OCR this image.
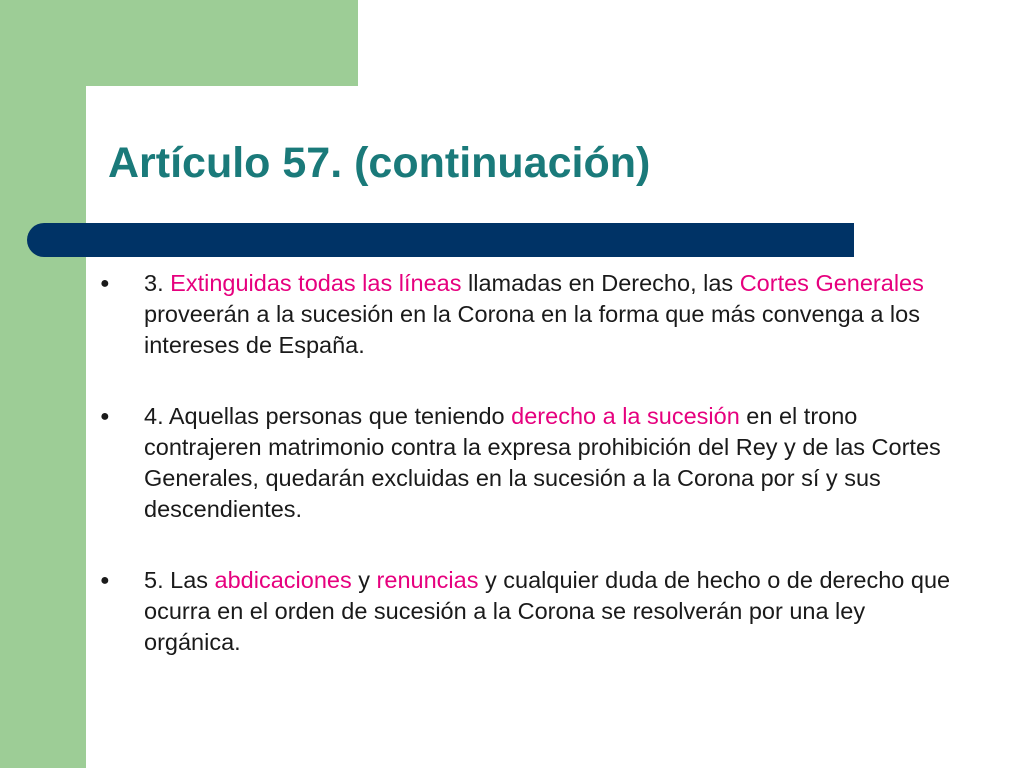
Artículo 57. (continuación)
●	3. Extinguidas todas las líneas llamadas en Derecho, las Cortes Generales proveerán a la sucesión en la Corona en la forma que más convenga a los intereses de España.
●	4. Aquellas personas que teniendo derecho a la sucesión en el trono contrajeren matrimonio contra la expresa prohibición del Rey y de las Cortes Generales, quedarán excluidas en la sucesión a la Corona por sí y sus descendientes.
●	5. Las abdicaciones y renuncias y cualquier duda de hecho o de derecho que ocurra en el orden de sucesión a la Corona se resolverán por una ley orgánica.
